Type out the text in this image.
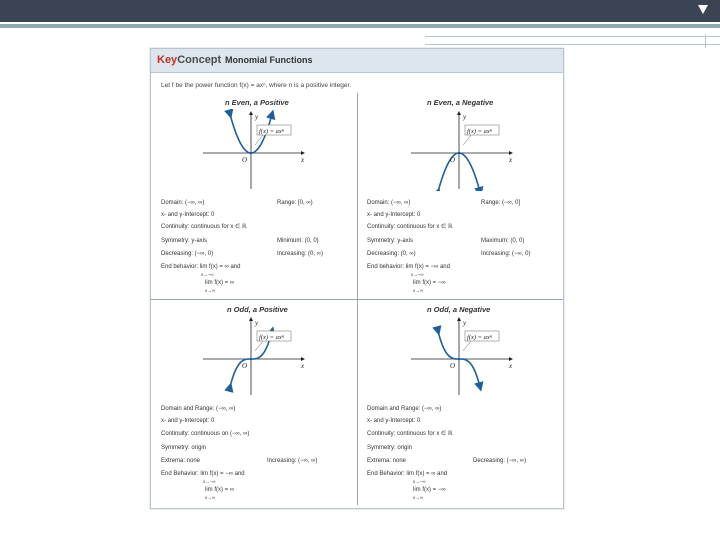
KeyConcept Monomial Functions
Let f be the power function f(x) = axⁿ, where n is a positive integer.
n Even, a Positive
y
x
O
f(x) = axⁿ
Domain: (−∞, ∞)	Range: [0, ∞)
x- and y-Intercept: 0
Continuity: continuous for x ∈ ℝ
Symmetry: y-axis	Minimum: (0, 0)
Decreasing: (−∞, 0)	Increasing: (0, ∞)
End behavior: lim f(x) = ∞ and
x→−∞
lim f(x) = ∞
x→∞
n Even, a Negative
y
x
O
f(x) = axⁿ
Domain: (−∞, ∞)	Range: (−∞, 0]
x- and y-Intercept: 0
Continuity: continuous for x ∈ ℝ
Symmetry: y-axis	Maximum: (0, 0)
Decreasing: (0, ∞)	Increasing: (−∞, 0)
End behavior: lim f(x) = −∞ and
x→−∞
lim f(x) = −∞
x→∞
n Odd, a Positive
y
x
O
f(x) = axⁿ
Domain and Range: (−∞, ∞)
x- and y-Intercept: 0
Continuity: continuous on (−∞, ∞)
Symmetry: origin
Extrema: none	Increasing: (−∞, ∞)
End Behavior: lim f(x) = −∞ and
x→−∞
lim f(x) = ∞
x→∞
n Odd, a Negative
y
x
O
f(x) = axⁿ
Domain and Range: (−∞, ∞)
x- and y-Intercept: 0
Continuity: continuous for x ∈ ℝ
Symmetry: origin
Extrema: none	Decreasing: (−∞, ∞)
End Behavior: lim f(x) = ∞ and
x→−∞
lim f(x) = −∞
x→∞
